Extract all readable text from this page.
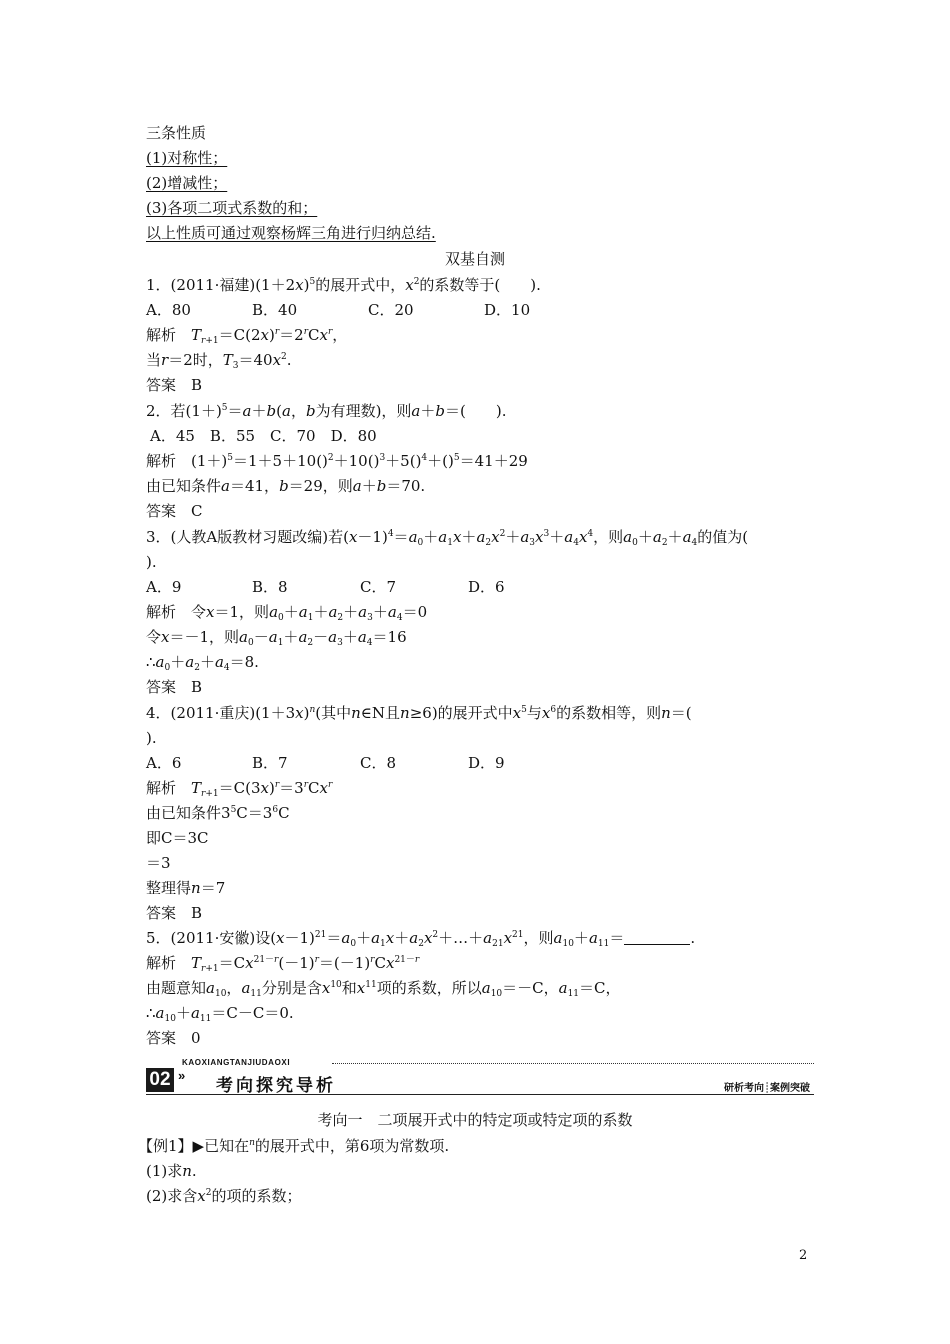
三条性质
(1)对称性；
(2)增减性；
(3)各项二项式系数的和；
以上性质可通过观察杨辉三角进行归纳总结.
双基自测
1．(2011·福建)$(1+2x)^5$的展开式中，$x^2$的系数等于(　　).
A．80	B．40	C．20	D．10
解析　 $T_{r+1}=C(2x)^r=2^rCx^r$，
当r＝2时，$T_3=40x^2$.
答案　 B
2．若$(1+)^5=a+b(a$，b为有理数)，则a＋b＝(　　).
A．45　B．55　C．70　D．80
解析　 $(1+)^5=1+5+10()^2+10()^3+5()^4+()^5=41+29$
由已知条件a＝41，b＝29，则a＋b＝70.
答案　 C
3．(人教A版教材习题改编)若$(x-1)^4=a_0+a_1x+a_2x^2+a_3x^3+a_4x^4$，则$a_0+a_2+a_4$的值为(
).
A．9	B．8	C．7	D．6
解析　 令x＝1，则$a_0+a_1+a_2+a_3+a_4=0$
令x＝－1，则$a_0-a_1+a_2-a_3+a_4=16$
$\therefore a_0+a_2+a_4=8$.
答案　 B
4．(2011·重庆)$(1+3x)^n$(其中n∈N且n≥6)的展开式中$x^5$与$x^6$的系数相等，则n＝(
).
A．6	B．7	C．8	D．9
解析　 $T_{r+1}=C(3x)^r=3^rCx^r$
由已知条件$3^5C=3^6C$
即C＝3C
＝3
整理得n＝7
答案　 B
5．(2011·安徽)设$(x-1)^{21}=a_0+a_1x+a_2x^2+\dots+a_{21}x^{21}$，则$a_{10}+a_{11}=$	.
解析　 $T_{r+1}=Cx^{21-r}(-1)^r=(-1)^rCx^{21-r}$
由题意知$a_{10}$，$a_{11}$分别是含$x^{10}$和$x^{11}$项的系数，所以$a_{10}=-C$，$a_{11}=C$，
$\therefore a_{10}+a_{11}=C-C=0$.
答案　 0
KAOXIANGTANJIUDAOXI
02 »
考向探究导析	研析考向┊案例突破
考向一　二项展开式中的特定项或特定项的系数
【例1】▶已知在$^n$的展开式中，第6项为常数项.
(1)求n.
(2)求含$x^2$的项的系数；
2
